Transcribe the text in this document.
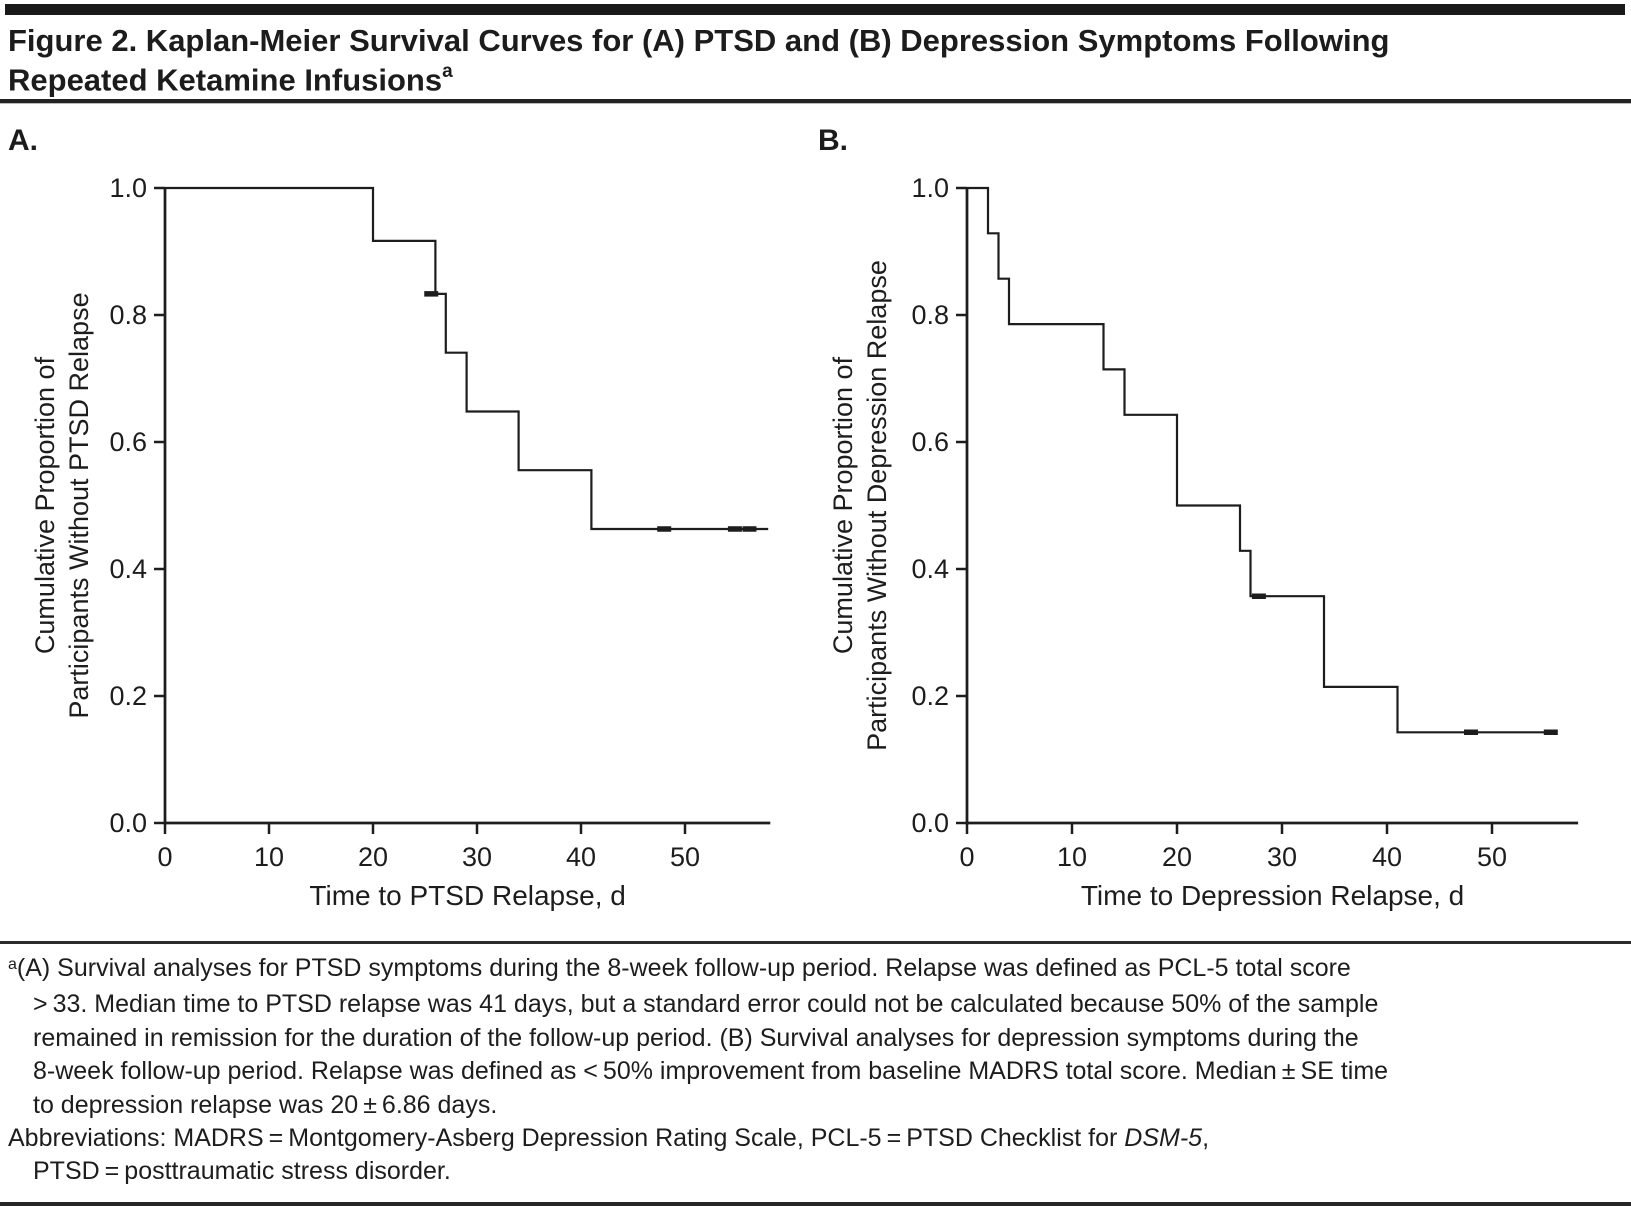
Figure 2. Kaplan-Meier Survival Curves for (A) PTSD and (B) Depression Symptoms Following
Repeated Ketamine Infusions$^a$
A.	B.
0.0
0.2
0.4
0.6
0.8
1.0
0	10	20	30	40	50
Time to PTSD Relapse, d
Cumulative Proportion of Participants Without PTSD Relapse
0.0
0.2
0.4
0.6
0.8
1.0
0	10	20	30	40	50
Time to Depression Relapse, d
Cumulative Proportion of Participants Without Depression Relapse
$^a$(A) Survival analyses for PTSD symptoms during the 8-week follow-up period. Relapse was defined as PCL-5 total score
> 33. Median time to PTSD relapse was 41 days, but a standard error could not be calculated because 50% of the sample
remained in remission for the duration of the follow-up period. (B) Survival analyses for depression symptoms during the
8-week follow-up period. Relapse was defined as < 50% improvement from baseline MADRS total score. Median ± SE time
to depression relapse was 20 ± 6.86 days.
Abbreviations: MADRS = Montgomery-Asberg Depression Rating Scale, PCL-5 = PTSD Checklist for DSM-5,
PTSD = posttraumatic stress disorder.
